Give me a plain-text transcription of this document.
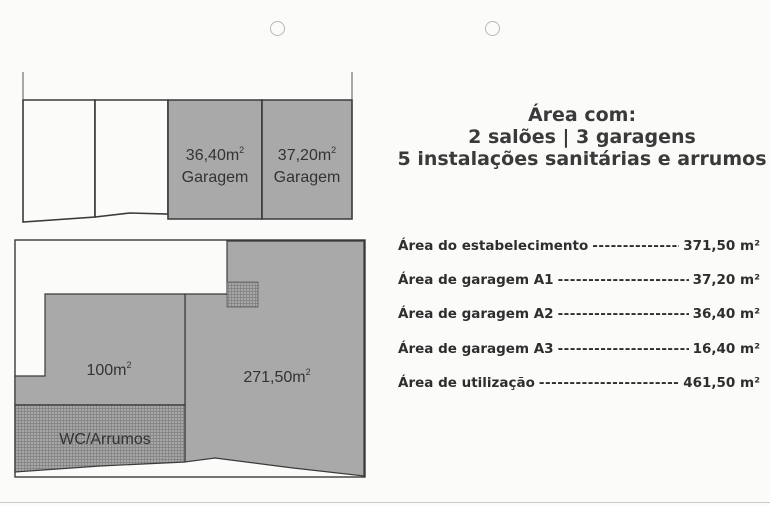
$36,40m^2$
Garagem
$37,20m^2$
Garagem
$100m^2$
$271,50m^2$
WC/Arrumos
Área com:
2 salões | 3 garagens
5 instalações sanitárias e arrumos
Área do estabelecimento -----	371,50 m²
Área de garagem A1 -----	37,20 m²
Área de garagem A2 -----	36,40 m²
Área de garagem A3 -----	16,40 m²
Área de utilização -----	461,50 m²
